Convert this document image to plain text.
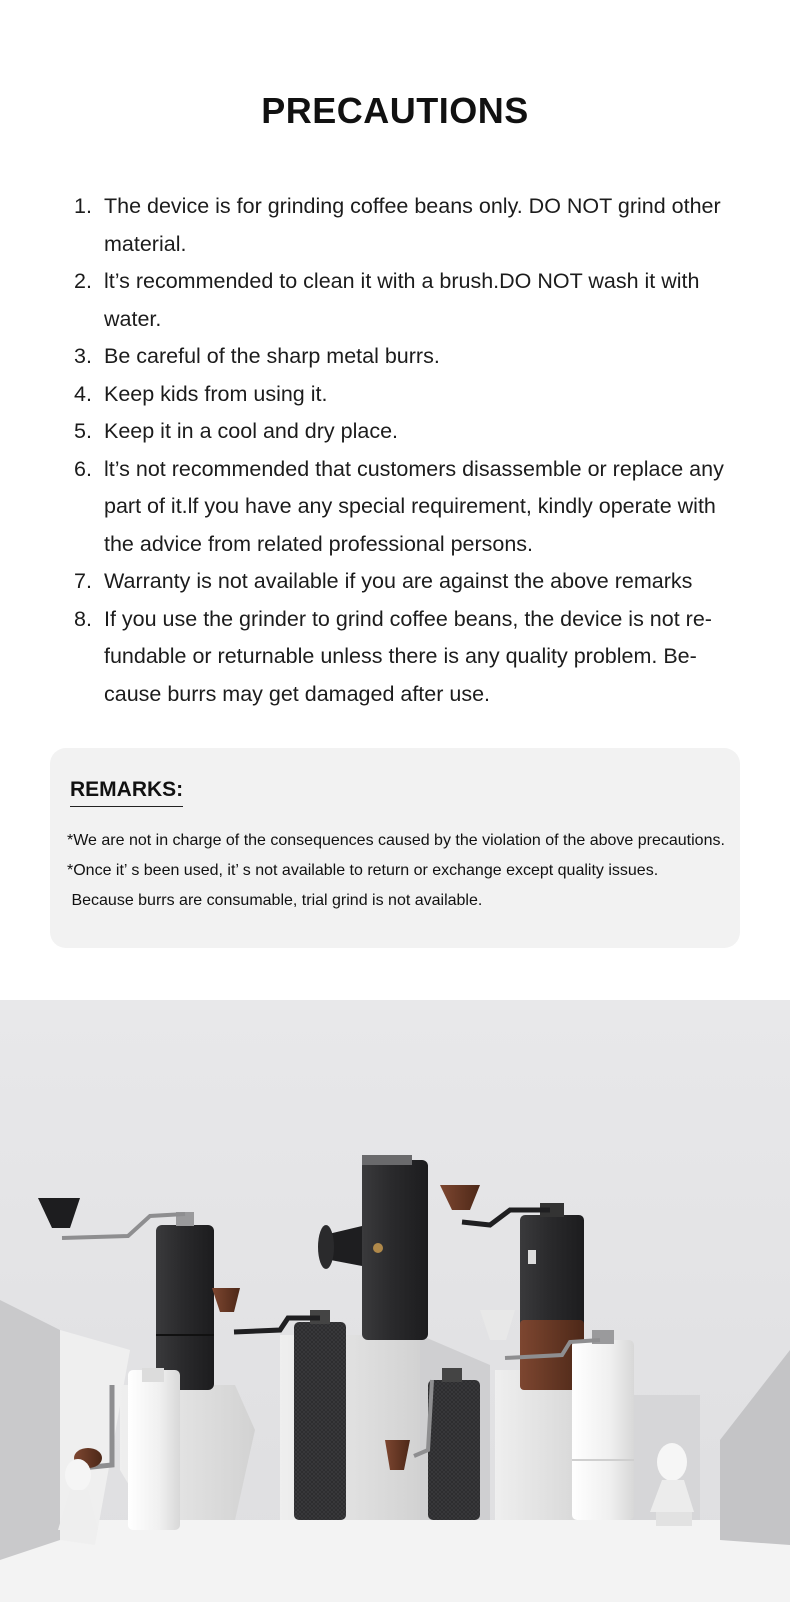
PRECAUTIONS
1. The device is for grinding coffee beans only. DO NOT grind other material.
2. lt’s recommended to clean it with a brush.DO NOT wash it with water.
3. Be careful of the sharp metal burrs.
4. Keep kids from using it.
5. Keep it in a cool and dry place.
6. lt’s not recommended that customers disassemble or replace any part of it.lf you have any special requirement, kindly operate with the advice from related professional persons.
7. Warranty is not available if you are against the above remarks
8. If you use the grinder to grind coffee beans, the device is not re-fundable or returnable unless there is any quality problem. Be-cause burrs may get damaged after use.
REMARKS:
*We are not in charge of the consequences caused by the violation of the above precautions.
*Once it’ s been used, it’ s not available to return or exchange except quality issues.
Because burrs are consumable, trial grind is not available.
